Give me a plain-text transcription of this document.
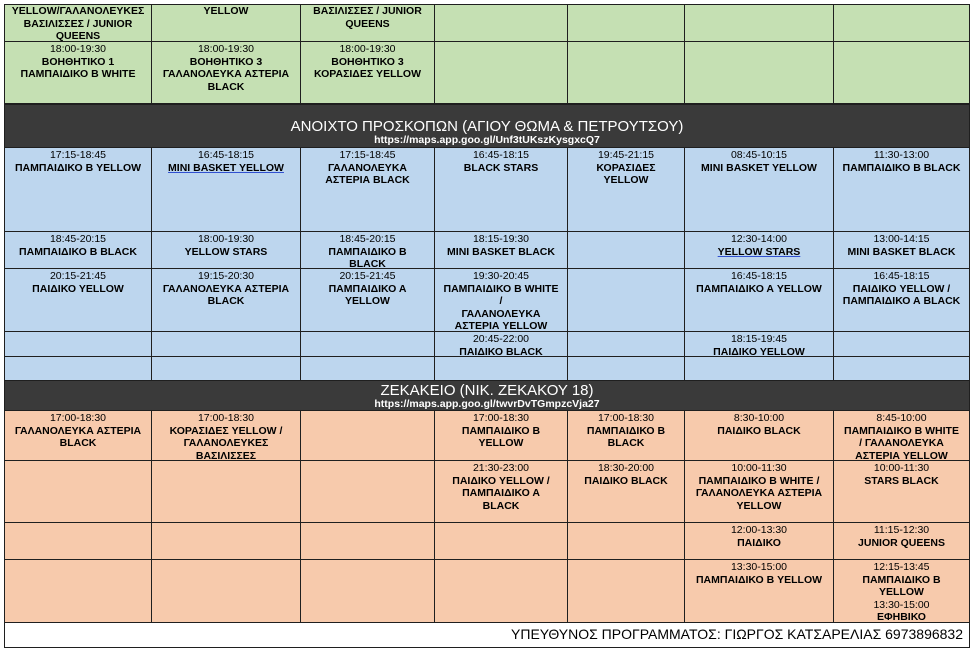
YELLOW/ΓΑΛΑΝΟΛΕΥΚΕΣ
ΒΑΣΙΛΙΣΣΕΣ / JUNIOR
QUEENS
YELLOW	ΒΑΣΙΛΙΣΣΕΣ / JUNIOR
QUEENS
18:00-19:30
ΒΟΗΘΗΤΙΚΟ 1
ΠΑΜΠΑΙΔΙΚΟ Β WHITE
18:00-19:30
ΒΟΗΘΗΤΙΚΟ 3
ΓΑΛΑΝΟΛΕΥΚΑ ΑΣΤΕΡΙΑ
BLACK
18:00-19:30
ΒΟΗΘΗΤΙΚΟ 3
ΚΟΡΑΣΙΔΕΣ YELLOW
ΑΝΟΙΧΤΟ ΠΡΟΣΚΟΠΩΝ (ΑΓΙΟΥ ΘΩΜΑ & ΠΕΤΡΟΥΤΣΟΥ)
https://maps.app.goo.gl/Unf3tUKszKysgxcQ7
17:15-18:45
ΠΑΜΠΑΙΔΙΚΟ Β YELLOW
16:45-18:15
MINI BASKET YELLOW
17:15-18:45
ΓΑΛΑΝΟΛΕΥΚΑ
ΑΣΤΕΡΙΑ BLACK
16:45-18:15
BLACK STARS
19:45-21:15
ΚΟΡΑΣΙΔΕΣ
YELLOW
08:45-10:15
MINI BASKET YELLOW
11:30-13:00
ΠΑΜΠΑΙΔΙΚΟ Β BLACK
18:45-20:15
ΠΑΜΠΑΙΔΙΚΟ Β BLACK
18:00-19:30
YELLOW STARS
18:45-20:15
ΠΑΜΠΑΙΔΙΚΟ Β
BLACK
18:15-19:30
MINI BASKET BLACK
12:30-14:00
YELLOW STARS
13:00-14:15
MINI BASKET BLACK
20:15-21:45
ΠΑΙΔΙΚΟ YELLOW
19:15-20:30
ΓΑΛΑΝΟΛΕΥΚΑ ΑΣΤΕΡΙΑ
BLACK
20:15-21:45
ΠΑΜΠΑΙΔΙΚΟ Α
YELLOW
19:30-20:45
ΠΑΜΠΑΙΔΙΚΟ Β WHITE
/
ΓΑΛΑΝΟΛΕΥΚΑ
ΑΣΤΕΡΙΑ YELLOW
16:45-18:15
ΠΑΜΠΑΙΔΙΚΟ Α YELLOW
16:45-18:15
ΠΑΙΔΙΚΟ YELLOW /
ΠΑΜΠΑΙΔΙΚΟ Α BLACK
20:45-22:00
ΠΑΙΔΙΚΟ BLACK
18:15-19:45
ΠΑΙΔΙΚΟ YELLOW
ΖΕΚΑΚΕΙΟ (ΝΙΚ. ΖΕΚΑΚΟΥ 18)
https://maps.app.goo.gl/twvrDvTGmpzcVja27
17:00-18:30
ΓΑΛΑΝΟΛΕΥΚΑ ΑΣΤΕΡΙΑ
BLACK
17:00-18:30
ΚΟΡΑΣΙΔΕΣ YELLOW /
ΓΑΛΑΝΟΛΕΥΚΕΣ
ΒΑΣΙΛΙΣΣΕΣ
17:00-18:30
ΠΑΜΠΑΙΔΙΚΟ Β
YELLOW
17:00-18:30
ΠΑΜΠΑΙΔΙΚΟ Β
BLACK
8:30-10:00
ΠΑΙΔΙΚΟ BLACK
8:45-10:00
ΠΑΜΠΑΙΔΙΚΟ Β WHITE
/ ΓΑΛΑΝΟΛΕΥΚΑ
ΑΣΤΕΡΙΑ YELLOW
21:30-23:00
ΠΑΙΔΙΚΟ YELLOW /
ΠΑΜΠΑΙΔΙΚΟ Α
BLACK
18:30-20:00
ΠΑΙΔΙΚΟ BLACK
10:00-11:30
ΠΑΜΠΑΙΔΙΚΟ Β WHITE /
ΓΑΛΑΝΟΛΕΥΚΑ ΑΣΤΕΡΙΑ
YELLOW
10:00-11:30
STARS BLACK
12:00-13:30
ΠΑΙΔΙΚΟ
11:15-12:30
JUNIOR QUEENS
13:30-15:00
ΠΑΜΠΑΙΔΙΚΟ Β YELLOW
12:15-13:45
ΠΑΜΠΑΙΔΙΚΟ Β
YELLOW
13:30-15:00
ΕΦΗΒΙΚΟ
ΥΠΕΥΘΥΝΟΣ ΠΡΟΓΡΑΜΜΑΤΟΣ: ΓΙΩΡΓΟΣ ΚΑΤΣΑΡΕΛΙΑΣ 6973896832
